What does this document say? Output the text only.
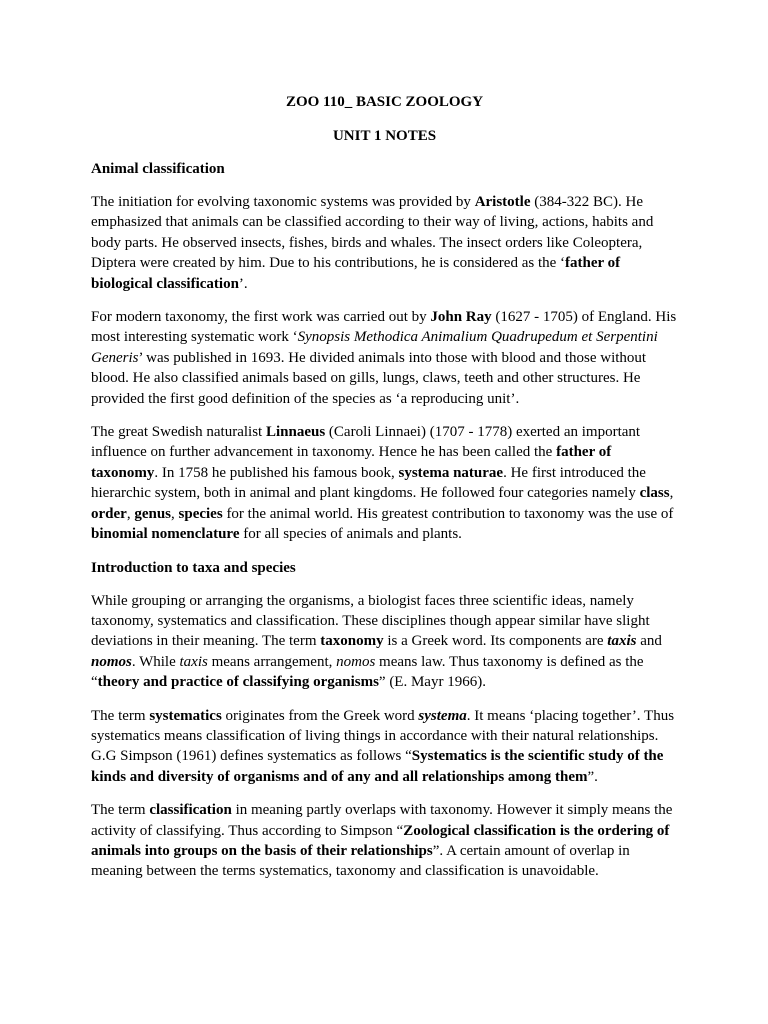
ZOO 110_ BASIC ZOOLOGY
UNIT 1 NOTES
Animal classification

The initiation for evolving taxonomic systems was provided by Aristotle (384-322 BC). He emphasized that animals can be classified according to their way of living, actions, habits and body parts. He observed insects, fishes, birds and whales. The insect orders like Coleoptera, Diptera were created by him. Due to his contributions, he is considered as the ‘father of biological classification’.

For modern taxonomy, the first work was carried out by John Ray (1627 - 1705) of England. His most interesting systematic work ‘Synopsis Methodica Animalium Quadrupedum et Serpentini Generis’ was published in 1693. He divided animals into those with blood and those without blood. He also classified animals based on gills, lungs, claws, teeth and other structures. He provided the first good definition of the species as ‘a reproducing unit’.

The great Swedish naturalist Linnaeus (Caroli Linnaei) (1707 - 1778) exerted an important influence on further advancement in taxonomy. Hence he has been called the father of taxonomy. In 1758 he published his famous book, systema naturae. He first introduced the hierarchic system, both in animal and plant kingdoms. He followed four categories namely class, order, genus, species for the animal world. His greatest contribution to taxonomy was the use of binomial nomenclature for all species of animals and plants.

Introduction to taxa and species

While grouping or arranging the organisms, a biologist faces three scientific ideas, namely taxonomy, systematics and classification. These disciplines though appear similar have slight deviations in their meaning. The term taxonomy is a Greek word. Its components are taxis and nomos. While taxis means arrangement, nomos means law. Thus taxonomy is defined as the “theory and practice of classifying organisms” (E. Mayr 1966).

The term systematics originates from the Greek word systema. It means ‘placing together’. Thus systematics means classification of living things in accordance with their natural relationships. G.G Simpson (1961) defines systematics as follows “Systematics is the scientific study of the kinds and diversity of organisms and of any and all relationships among them”.

The term classification in meaning partly overlaps with taxonomy. However it simply means the activity of classifying. Thus according to Simpson “Zoological classification is the ordering of animals into groups on the basis of their relationships”. A certain amount of overlap in meaning between the terms systematics, taxonomy and classification is unavoidable.
